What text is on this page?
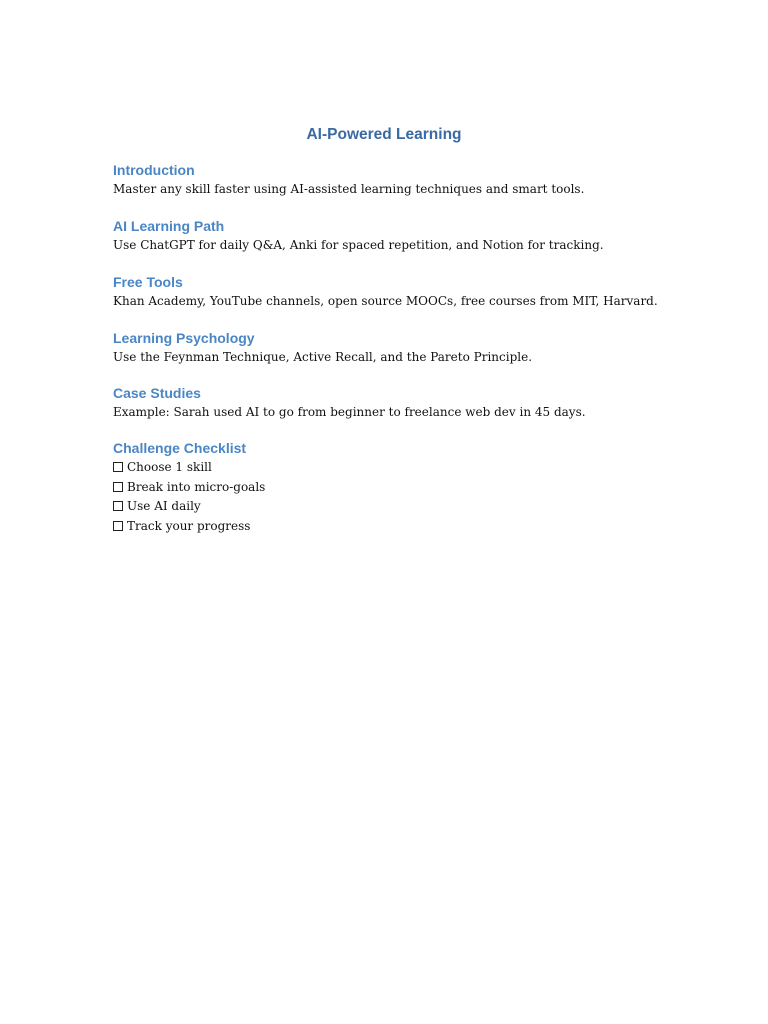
AI-Powered Learning
Introduction

Master any skill faster using AI-assisted learning techniques and smart tools.

AI Learning Path

Use ChatGPT for daily Q&A, Anki for spaced repetition, and Notion for tracking.

Free Tools

Khan Academy, YouTube channels, open source MOOCs, free courses from MIT, Harvard.

Learning Psychology

Use the Feynman Technique, Active Recall, and the Pareto Principle.

Case Studies

Example: Sarah used AI to go from beginner to freelance web dev in 45 days.

Challenge Checklist
Choose 1 skill
Break into micro-goals
Use AI daily
Track your progress
